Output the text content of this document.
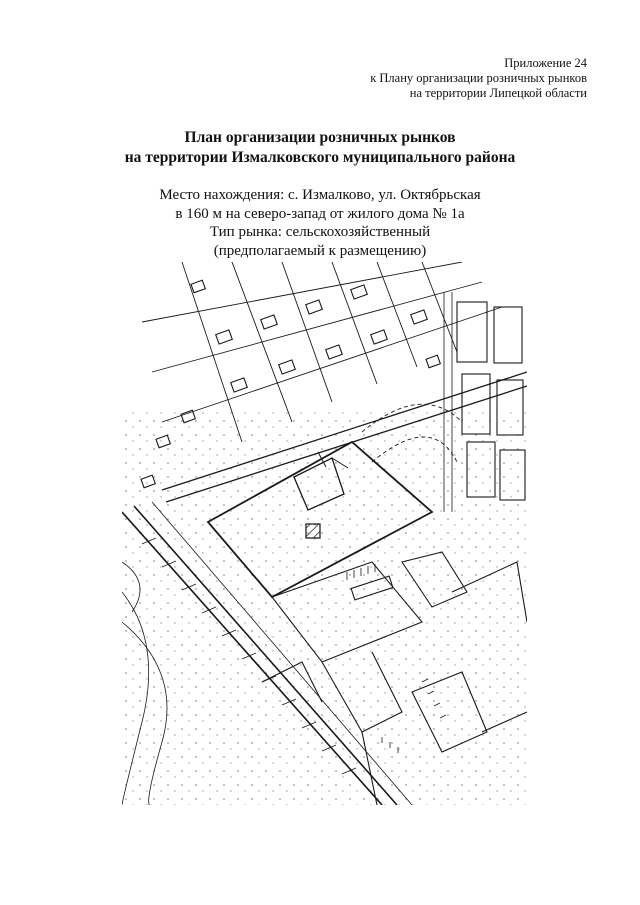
Приложение 24
к Плану организации розничных рынков
на территории Липецкой области
План организации розничных рынков
на территории Измалковского муниципального района
Место нахождения: с. Измалково, ул. Октябрьская
в 160 м на северо-запад от жилого дома № 1а
Тип рынка: сельскохозяйственный
(предполагаемый к размещению)
